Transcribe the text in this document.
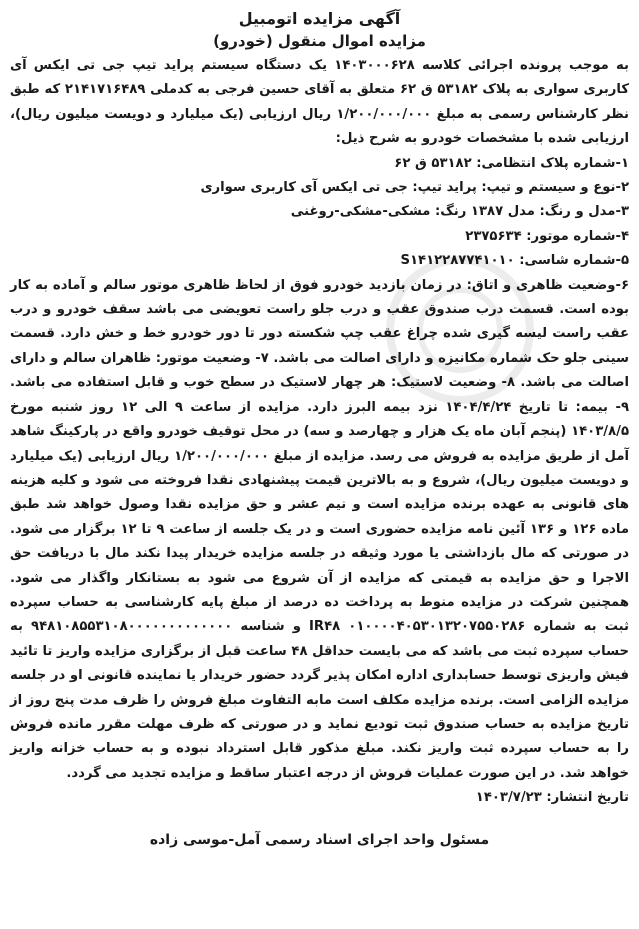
آگهی مزایده اتومبیل
مزایده اموال منقول (خودرو)

به موجب پرونده اجرائی کلاسه ۱۴۰۳۰۰۰۶۲۸ یک دستگاه سیستم پراید تیپ جی تی ایکس آی کاربری سواری به پلاک ۵۳۱۸۲ ق ۶۲ متعلق به آقای حسین فرجی به کدملی ۲۱۴۱۷۱۶۴۸۹ که طبق نظر کارشناس رسمی به مبلغ ۱/۲۰۰/۰۰۰/۰۰۰ ریال ارزیابی (یک میلیارد و دویست میلیون ریال)، ارزیابی شده با مشخصات خودرو به شرح ذیل:

۱-شماره پلاک انتظامی: ۵۳۱۸۲ ق ۶۲

۲-نوع و سیستم و تیپ: پراید تیپ: جی تی ایکس آی کاربری سواری

۳-مدل و رنگ: مدل ۱۳۸۷ رنگ: مشکی-مشکی-روغنی

۴-شماره موتور: ۲۳۷۵۶۳۴

۵-شماره شاسی: S۱۴۱۲۲۸۷۷۴۱۰۱۰

۶-وضعیت ظاهری و اتاق: در زمان بازدید خودرو فوق از لحاظ ظاهری موتور سالم و آماده به کار بوده است. قسمت درب صندوق عقب و درب جلو راست تعویضی می باشد سقف خودرو و درب عقب راست لیسه گیری شده چراغ عقب چپ شکسته دور تا دور خودرو خط و خش دارد. قسمت سینی جلو حک شماره مکانیزه و دارای اصالت می باشد. ۷- وضعیت موتور: ظاهران سالم و دارای اصالت می باشد. ۸- وضعیت لاستیک: هر چهار لاستیک در سطح خوب و قابل استفاده می باشد. ۹- بیمه: تا تاریخ ۱۴۰۴/۴/۲۴ نزد بیمه البرز دارد. مزایده از ساعت ۹ الی ۱۲ روز شنبه مورخ ۱۴۰۳/۸/۵ (پنجم آبان ماه یک هزار و چهارصد و سه) در محل توقیف خودرو واقع در پارکینگ شاهد آمل از طریق مزایده به فروش می رسد. مزایده از مبلغ ۱/۲۰۰/۰۰۰/۰۰۰ ریال ارزیابی (یک میلیارد و دویست میلیون ریال)، شروع و به بالاترین قیمت پیشنهادی نقدا فروخته می شود و کلیه هزینه های قانونی به عهده برنده مزایده است و نیم عشر و حق مزایده نقدا وصول خواهد شد طبق ماده ۱۲۶ و ۱۳۶ آئین نامه مزایده حضوری است و در یک جلسه از ساعت ۹ تا ۱۲ برگزار می شود. در صورتی که مال بازداشتی یا مورد وثیقه در جلسه مزایده خریدار پیدا نکند مال با دریافت حق الاجرا و حق مزایده به قیمتی که مزایده از آن شروع می شود به بستانکار واگذار می شود. همچنین شرکت در مزایده منوط به پرداخت ده درصد از مبلغ پایه کارشناسی به حساب سپرده ثبت به شماره ۰۱۰۰۰۰۴۰۵۳۰۱۳۲۰۷۵۵۰۲۸۶ IR۴۸ و شناسه ۹۴۸۱۰۸۵۵۳۱۰۸۰۰۰۰۰۰۰۰۰۰۰۰۰ به حساب سپرده ثبت می باشد که می بایست حداقل ۴۸ ساعت قبل از برگزاری مزایده واریز تا تائید فیش واریزی توسط حسابداری اداره امکان پذیر گردد حضور خریدار یا نماینده قانونی او در جلسه مزایده الزامی است. برنده مزایده مکلف است مابه التفاوت مبلغ فروش را ظرف مدت پنج روز از تاریخ مزایده به حساب صندوق ثبت تودیع نماید و در صورتی که ظرف مهلت مقرر مانده فروش را به حساب سپرده ثبت واریز نکند. مبلغ مذکور قابل استرداد نبوده و به حساب خزانه واریز خواهد شد. در این صورت عملیات فروش از درجه اعتبار ساقط و مزایده تجدید می گردد.

تاریخ انتشار: ۱۴۰۳/۷/۲۳
مسئول واحد اجرای اسناد رسمی آمل-موسی زاده
